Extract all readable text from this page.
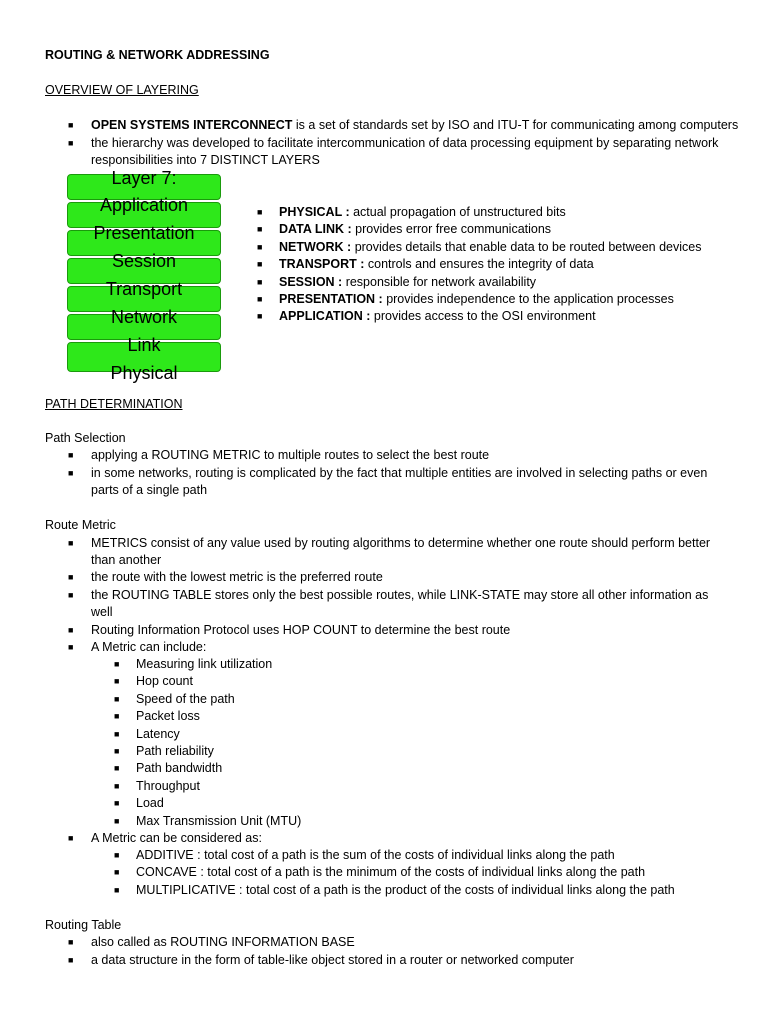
ROUTING & NETWORK ADDRESSING
OVERVIEW OF LAYERING
■ OPEN SYSTEMS INTERCONNECT is a set of standards set by ISO and ITU-T for communicating among computers
■ the hierarchy was developed to facilitate intercommunication of data processing equipment by separating network responsibilities into 7 DISTINCT LAYERS
Layer 7:
Application
Presentation
Session
Transport
Network
Link
Physical
■ PHYSICAL : actual propagation of unstructured bits
■ DATA LINK : provides error free communications
■ NETWORK : provides details that enable data to be routed between devices
■ TRANSPORT : controls and ensures the integrity of data
■ SESSION : responsible for network availability
■ PRESENTATION : provides independence to the application processes
■ APPLICATION : provides access to the OSI environment
PATH DETERMINATION
Path Selection
■ applying a ROUTING METRIC to multiple routes to select the best route
■ in some networks, routing is complicated by the fact that multiple entities are involved in selecting paths or even parts of a single path
Route Metric
■ METRICS consist of any value used by routing algorithms to determine whether one route should perform better than another
■ the route with the lowest metric is the preferred route
■ the ROUTING TABLE stores only the best possible routes, while LINK-STATE may store all other information as well
■ Routing Information Protocol uses HOP COUNT to determine the best route
■ A Metric can include:
■ Measuring link utilization
■ Hop count
■ Speed of the path
■ Packet loss
■ Latency
■ Path reliability
■ Path bandwidth
■ Throughput
■ Load
■ Max Transmission Unit (MTU)
■ A Metric can be considered as:
■ ADDITIVE : total cost of a path is the sum of the costs of individual links along the path
■ CONCAVE : total cost of a path is the minimum of the costs of individual links along the path
■ MULTIPLICATIVE : total cost of a path is the product of the costs of individual links along the path
Routing Table
■ also called as ROUTING INFORMATION BASE
■ a data structure in the form of table-like object stored in a router or networked computer
